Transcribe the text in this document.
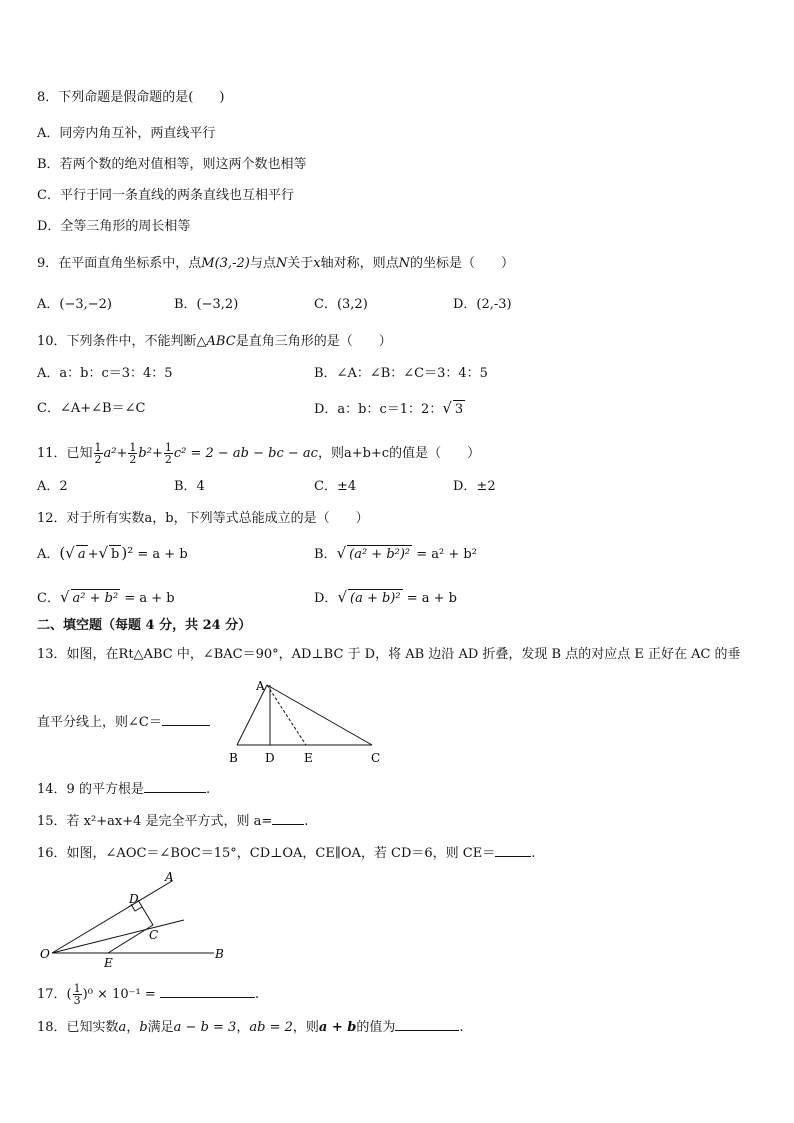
8．下列命题是假命题的是(　　)
A．同旁内角互补，两直线平行
B．若两个数的绝对值相等，则这两个数也相等
C．平行于同一条直线的两条直线也互相平行
D．全等三角形的周长相等
9．在平面直角坐标系中，点M(3,-2)与点N关于x轴对称，则点N的坐标是（　　）
A．(−3,−2)	B．(−3,2)	C．(3,2)	D．(2,-3)
10．下列条件中，不能判断△ABC是直角三角形的是（　　）
A．a：b：c＝3：4：5	B．∠A：∠B：∠C＝3：4：5
C．∠A+∠B＝∠C	D．a：b：c＝1：2：√ 3
11．已知 $\frac{1}{2} a^2+ \frac{1}{2} b^2+ \frac{1}{2} c^2 = 2$ − ab − bc − ac，则a+b+c的值是（　　）
A．2	B．4	C．±4	D．±2
12．对于所有实数a，b，下列等式总能成立的是（　　）
A．(√ a +√ b )² = a + b	B．√ (a² + b²)² = a² + b²
C．√ a² + b² = a + b	D．√ (a + b)² = a + b
二、填空题（每题 4 分，共 24 分）
13．如图，在Rt△ABC 中，∠BAC＝90°，AD⊥BC 于 D，将 AB 边沿 AD 折叠，发现 B 点的对应点 E 正好在 AC 的垂
直平分线上，则∠C＝
A
B D E	C
14．9 的平方根是	.
15．若 x²+ax+4 是完全平方式，则 a= .
16．如图，∠AOC＝∠BOC＝15°，CD⊥OA，CE∥OA，若 CD＝6，则 CE＝	.
A
D
C
O
E
B
17．( $\frac{1}{3} )^0 \times 10^{-1}$ =	.
18．已知实数a，b满足a − b = 3，ab = 2，则a + b的值为	.
